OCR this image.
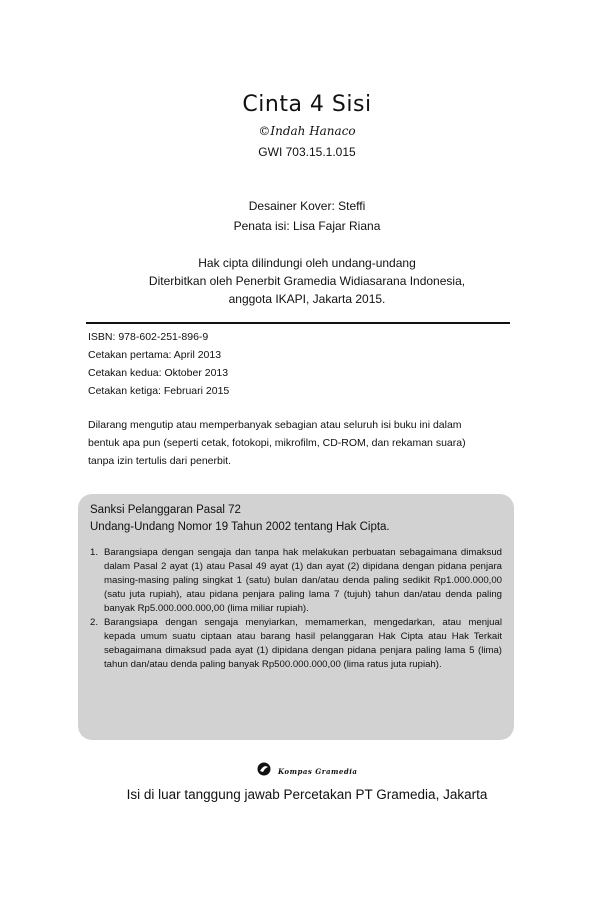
Cinta 4 Sisi
©Indah Hanaco
GWI 703.15.1.015
Desainer Kover: Steffi
Penata isi: Lisa Fajar Riana
Hak cipta dilindungi oleh undang-undang
Diterbitkan oleh Penerbit Gramedia Widiasarana Indonesia,
anggota IKAPI, Jakarta 2015.
ISBN: 978-602-251-896-9
Cetakan pertama: April 2013
Cetakan kedua: Oktober 2013
Cetakan ketiga: Februari 2015
Dilarang mengutip atau memperbanyak sebagian atau seluruh isi buku ini dalam
bentuk apa pun (seperti cetak, fotokopi, mikrofilm, CD-ROM, dan rekaman suara)
tanpa izin tertulis dari penerbit.
Sanksi Pelanggaran Pasal 72
Undang-Undang Nomor 19 Tahun 2002 tentang Hak Cipta.
1. Barangsiapa dengan sengaja dan tanpa hak melakukan perbuatan sebagaimana dimaksud dalam Pasal 2 ayat (1) atau Pasal 49 ayat (1) dan ayat (2) dipidana dengan pidana penjara masing-masing paling singkat 1 (satu) bulan dan/atau denda paling sedikit Rp1.000.000,00 (satu juta rupiah), atau pidana penjara paling lama 7 (tujuh) tahun dan/atau denda paling banyak Rp5.000.000.000,00 (lima miliar rupiah).
2. Barangsiapa dengan sengaja menyiarkan, memamerkan, mengedarkan, atau menjual kepada umum suatu ciptaan atau barang hasil pelanggaran Hak Cipta atau Hak Terkait sebagaimana dimaksud pada ayat (1) dipidana dengan pidana penjara paling lama 5 (lima) tahun dan/atau denda paling banyak Rp500.000.000,00 (lima ratus juta rupiah).
Kompas Gramedia
Isi di luar tanggung jawab Percetakan PT Gramedia, Jakarta
